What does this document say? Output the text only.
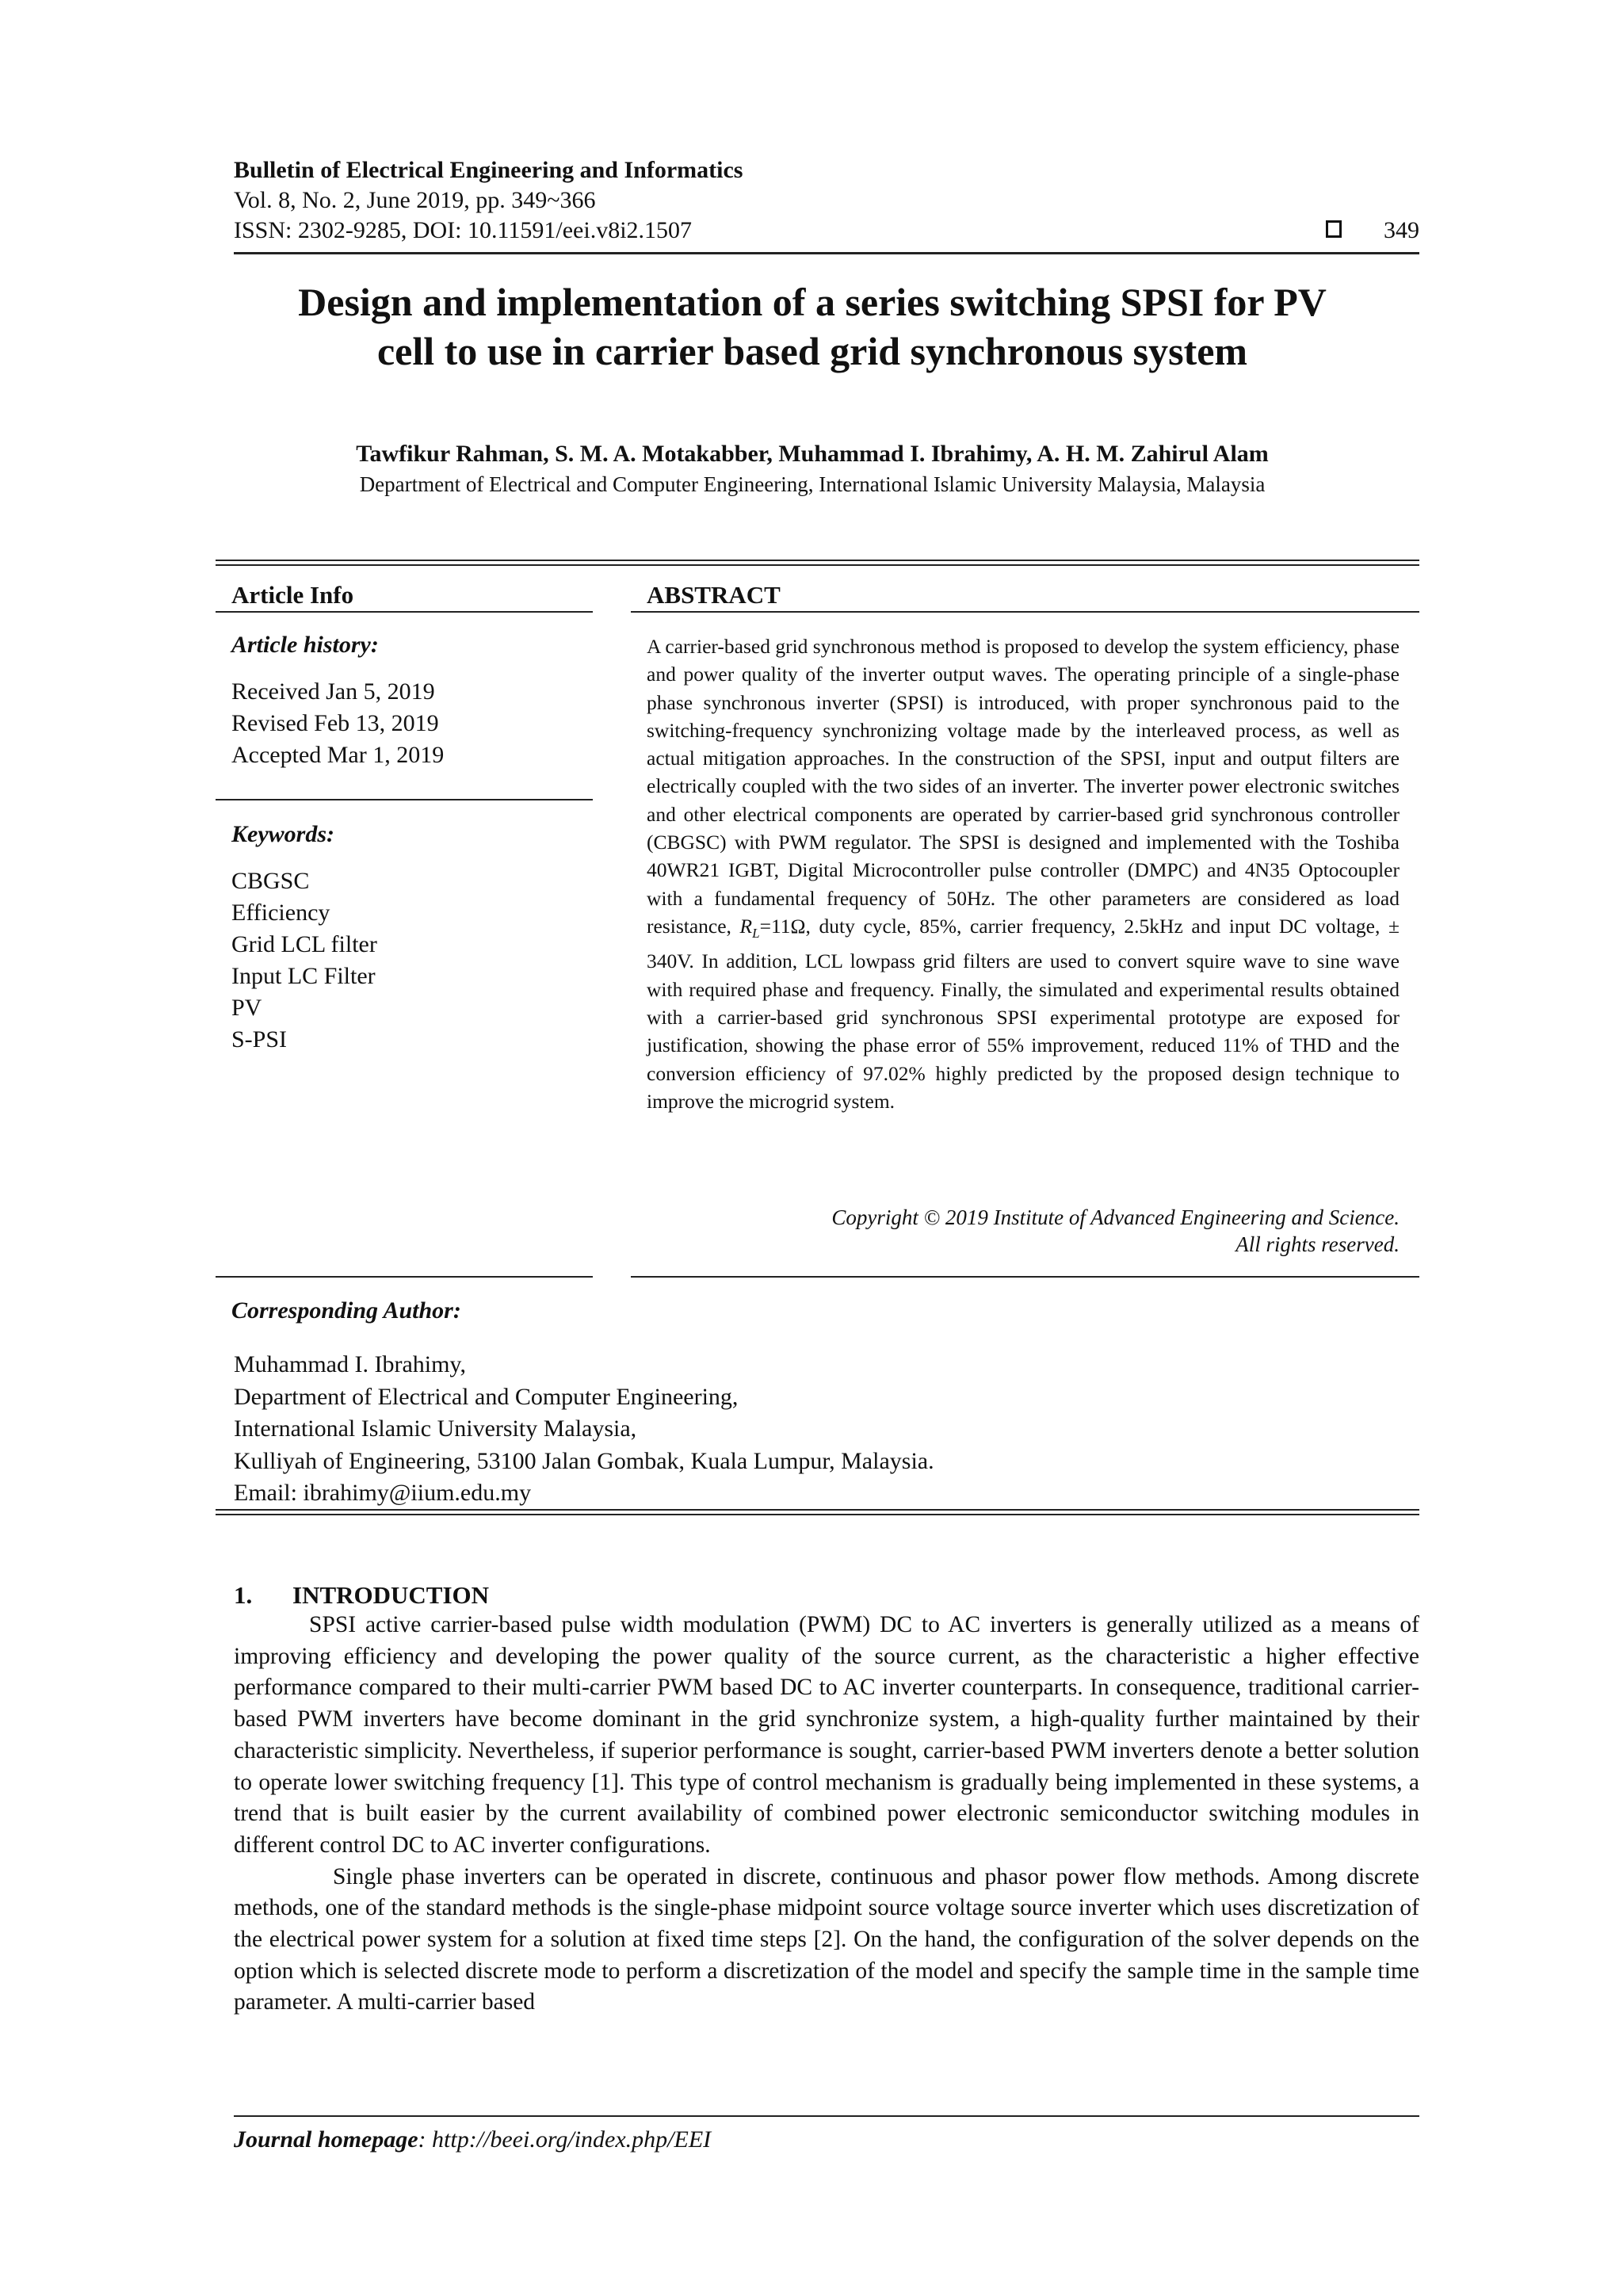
Bulletin of Electrical Engineering and Informatics
Vol. 8, No. 2, June 2019, pp. 349~366
ISSN: 2302-9285, DOI: 10.11591/eei.v8i2.1507	349
Design and implementation of a series switching SPSI for PV
cell to use in carrier based grid synchronous system
Tawfikur Rahman, S. M. A. Motakabber, Muhammad I. Ibrahimy, A. H. M. Zahirul Alam
Department of Electrical and Computer Engineering, International Islamic University Malaysia, Malaysia
Article Info
Article history:
Received Jan 5, 2019
Revised Feb 13, 2019
Accepted Mar 1, 2019
Keywords:
CBGSC
Efficiency
Grid LCL filter
Input LC Filter
PV
S-PSI
ABSTRACT
A carrier-based grid synchronous method is proposed to develop the system efficiency, phase and power quality of the inverter output waves. The operating principle of a single-phase phase synchronous inverter (SPSI) is introduced, with proper synchronous paid to the switching-frequency synchronizing voltage made by the interleaved process, as well as actual mitigation approaches. In the construction of the SPSI, input and output filters are electrically coupled with the two sides of an inverter. The inverter power electronic switches and other electrical components are operated by carrier-based grid synchronous controller (CBGSC) with PWM regulator. The SPSI is designed and implemented with the Toshiba 40WR21 IGBT, Digital Microcontroller pulse controller (DMPC) and 4N35 Optocoupler with a fundamental frequency of 50Hz. The other parameters are considered as load resistance, $R_L=11\Omega$, duty cycle, 85%, carrier frequency, 2.5kHz and input DC voltage, ± 340V. In addition, LCL lowpass grid filters are used to convert squire wave to sine wave with required phase and frequency. Finally, the simulated and experimental results obtained with a carrier-based grid synchronous SPSI experimental prototype are exposed for justification, showing the phase error of 55% improvement, reduced 11% of THD and the conversion efficiency of 97.02% highly predicted by the proposed design technique to improve the microgrid system.
Copyright © 2019 Institute of Advanced Engineering and Science.
All rights reserved.
Corresponding Author:
Muhammad I. Ibrahimy,
Department of Electrical and Computer Engineering,
International Islamic University Malaysia,
Kulliyah of Engineering, 53100 Jalan Gombak, Kuala Lumpur, Malaysia.
Email: ibrahimy@iium.edu.my
1. INTRODUCTION

SPSI active carrier-based pulse width modulation (PWM) DC to AC inverters is generally utilized as a means of improving efficiency and developing the power quality of the source current, as the characteristic a higher effective performance compared to their multi-carrier PWM based DC to AC inverter counterparts. In consequence, traditional carrier-based PWM inverters have become dominant in the grid synchronize system, a high-quality further maintained by their characteristic simplicity. Nevertheless, if superior performance is sought, carrier-based PWM inverters denote a better solution to operate lower switching frequency [1]. This type of control mechanism is gradually being implemented in these systems, a trend that is built easier by the current availability of combined power electronic semiconductor switching modules in different control DC to AC inverter configurations.

Single phase inverters can be operated in discrete, continuous and phasor power flow methods. Among discrete methods, one of the standard methods is the single-phase midpoint source voltage source inverter which uses discretization of the electrical power system for a solution at fixed time steps [2]. On the hand, the configuration of the solver depends on the option which is selected discrete mode to perform a discretization of the model and specify the sample time in the sample time parameter. A multi-carrier based

Journal homepage: http://beei.org/index.php/EEI
